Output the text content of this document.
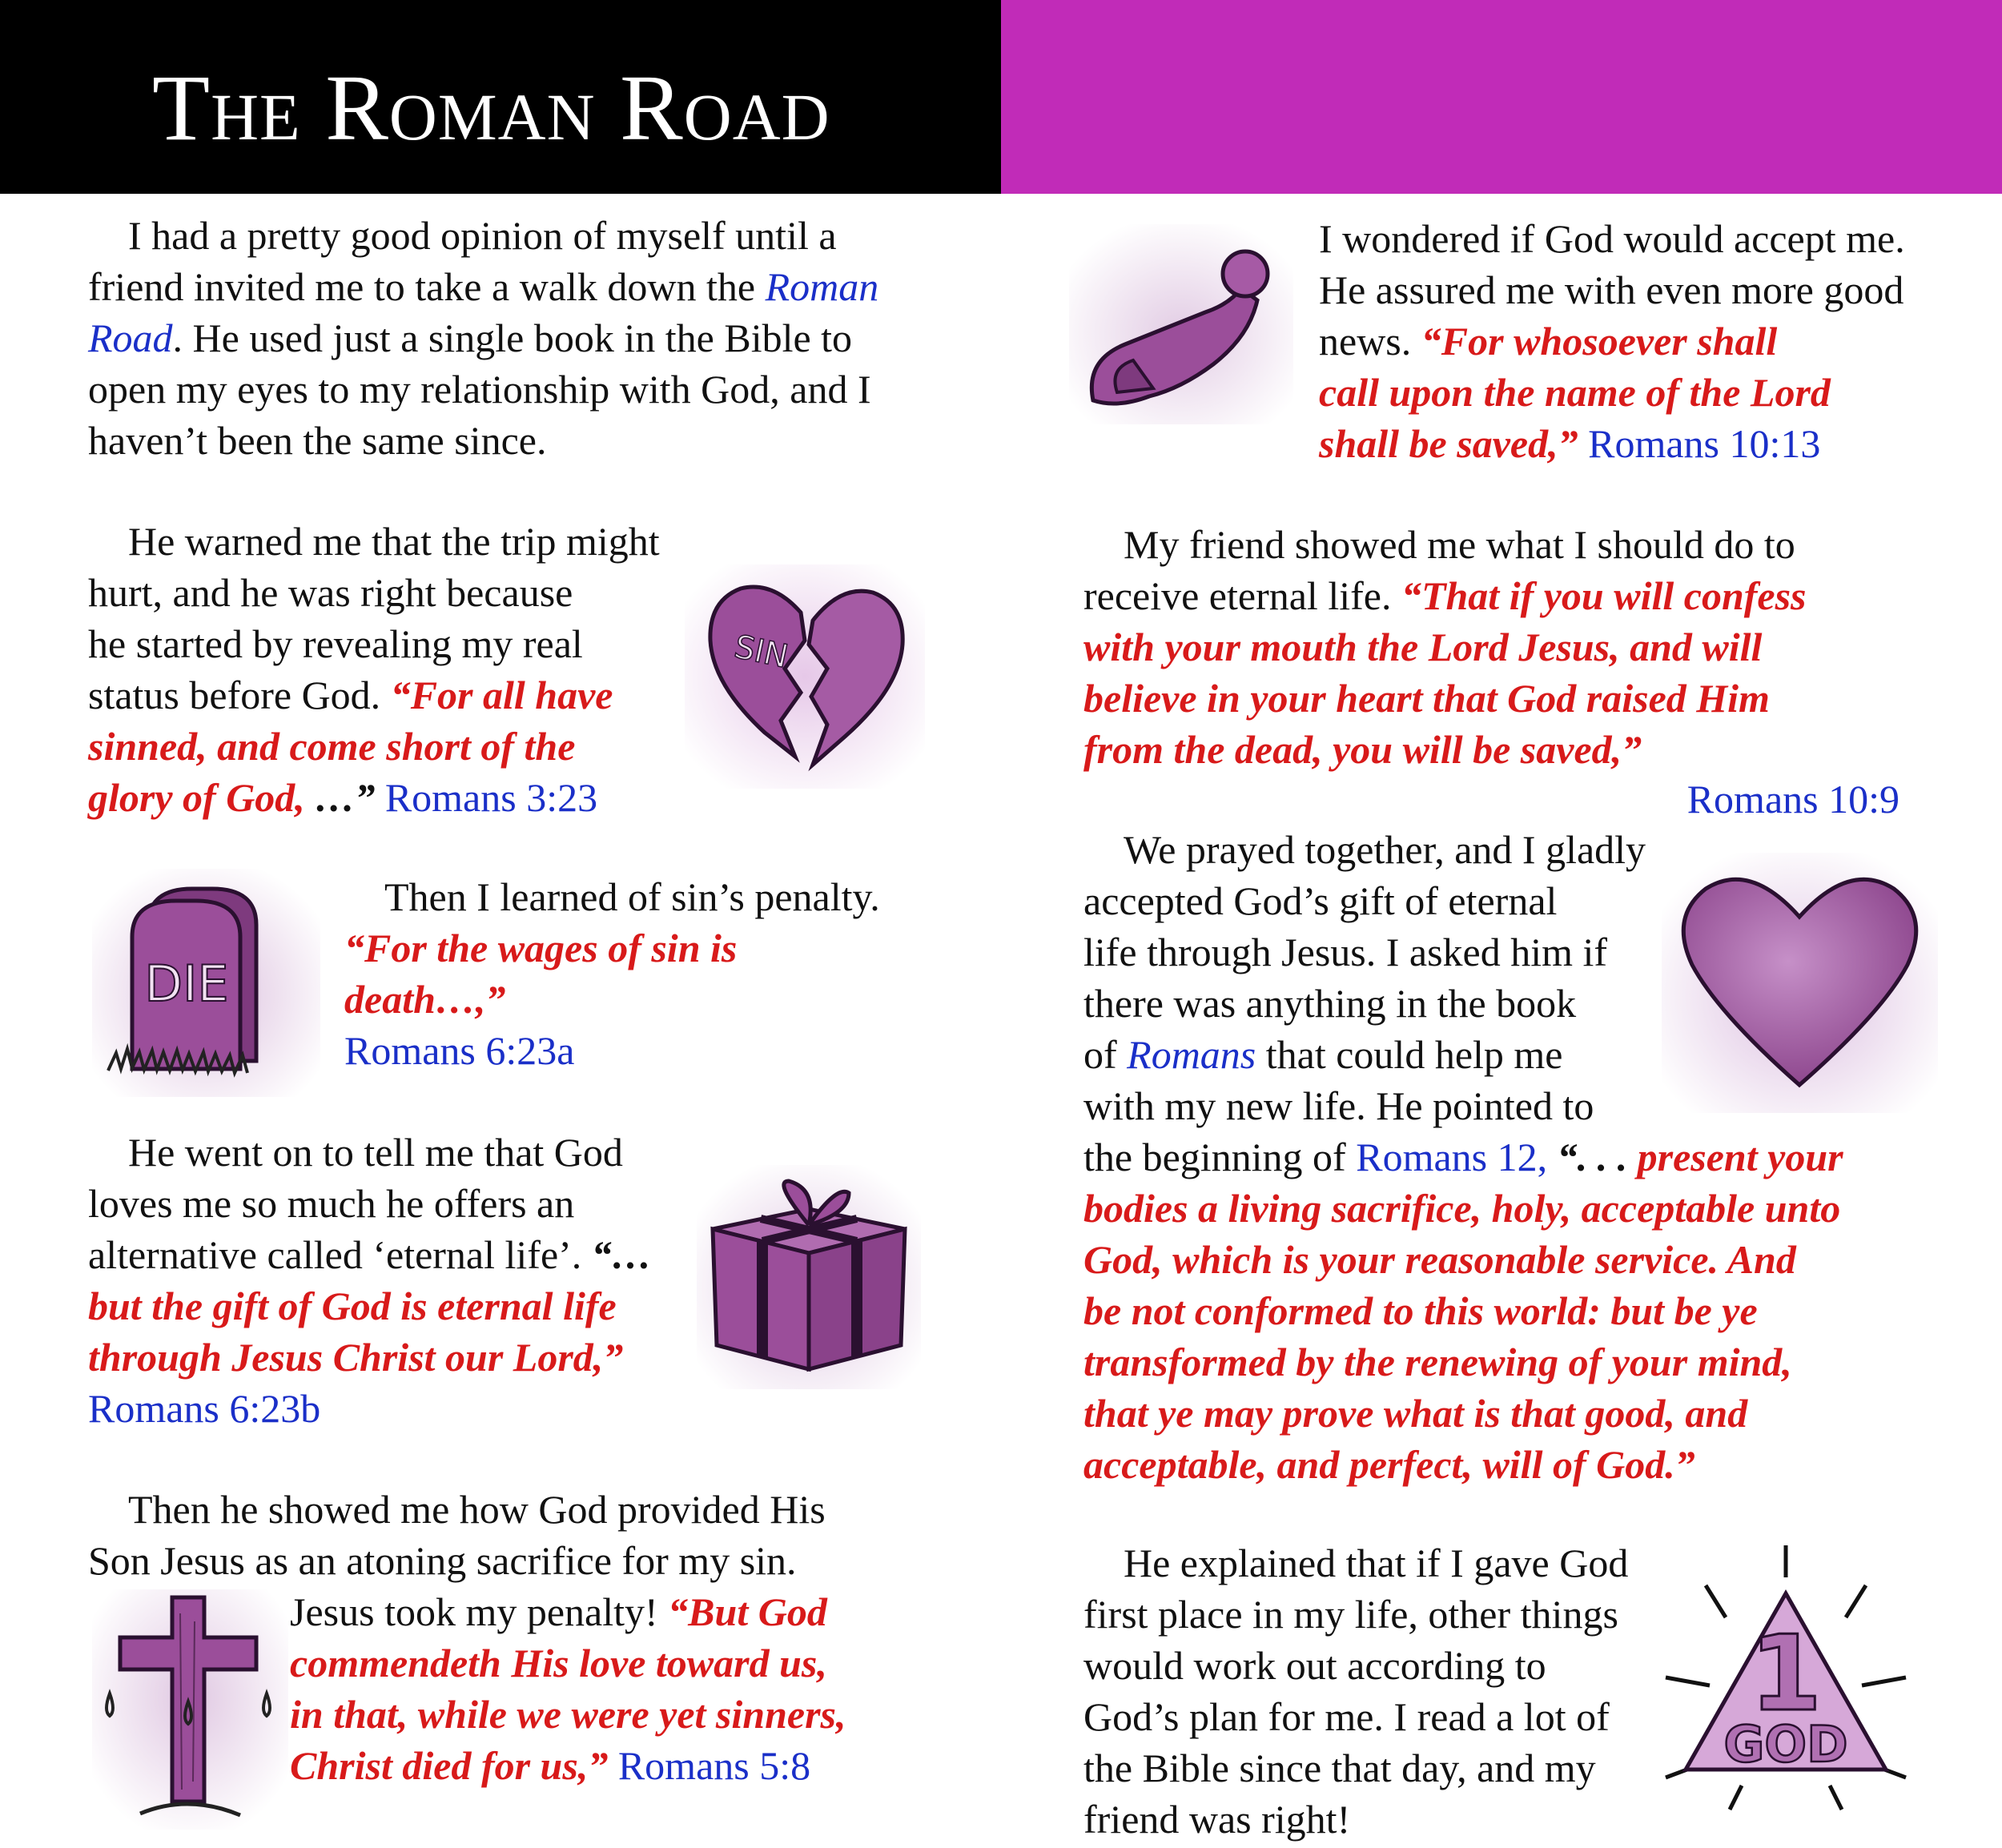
The Roman Road
I had a pretty good opinion of myself until a
friend invited me to take a walk down the Roman
Road. He used just a single book in the Bible to
open my eyes to my relationship with God, and I
haven’t been the same since.
He warned me that the trip might
hurt, and he was right because
he started by revealing my real
status before God. “For all have
sinned, and come short of the
glory of God, …” Romans 3:23
SIN
Then I learned of sin’s penalty.
“For the wages of sin is
death…,”
Romans 6:23a
DIE
He went on to tell me that God
loves me so much he offers an
alternative called ‘eternal life’. “…
but the gift of God is eternal life
through Jesus Christ our Lord,”
Romans 6:23b
Then he showed me how God provided His
Son Jesus as an atoning sacrifice for my sin.
Jesus took my penalty! “But God
commendeth His love toward us,
in that, while we were yet sinners,
Christ died for us,” Romans 5:8
I wondered if God would accept me.
He assured me with even more good
news. “For whosoever shall
call upon the name of the Lord
shall be saved,” Romans 10:13
My friend showed me what I should do to
receive eternal life. “That if you will confess
with your mouth the Lord Jesus, and will
believe in your heart that God raised Him
from the dead, you will be saved,”
Romans 10:9
We prayed together, and I gladly
accepted God’s gift of eternal
life through Jesus. I asked him if
there was anything in the book
of Romans that could help me
with my new life. He pointed to
the beginning of Romans 12, “. . . present your
bodies a living sacrifice, holy, acceptable unto
God, which is your reasonable service. And
be not conformed to this world: but be ye
transformed by the renewing of your mind,
that ye may prove what is that good, and
acceptable, and perfect, will of God.”
He explained that if I gave God
first place in my life, other things
would work out according to
God’s plan for me. I read a lot of
the Bible since that day, and my
friend was right!
1
GOD
